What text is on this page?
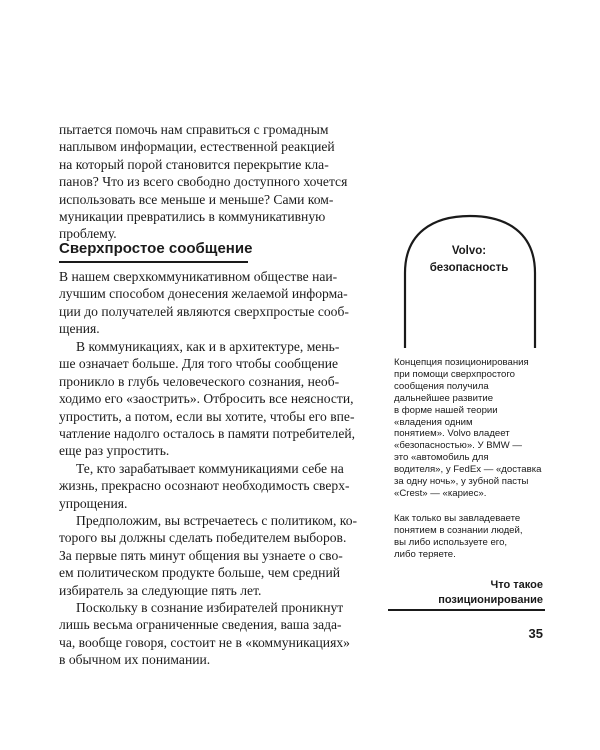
пытается помочь нам справиться с громадным
наплывом информации, естественной реакцией
на который порой становится перекрытие кла-
панов? Что из всего свободно доступного хочется
использовать все меньше и меньше? Сами ком-
муникации превратились в коммуникативную
проблему.
Сверхпростое сообщение
В нашем сверхкоммуникативном обществе наи-
лучшим способом донесения желаемой информа-
ции до получателей являются сверхпростые сооб-
щения.
В коммуникациях, как и в архитектуре, мень-
ше означает больше. Для того чтобы сообщение
проникло в глубь человеческого сознания, необ-
ходимо его «заострить». Отбросить все неясности,
упростить, а потом, если вы хотите, чтобы его впе-
чатление надолго осталось в памяти потребителей,
еще раз упростить.
Те, кто зарабатывает коммуникациями себе на
жизнь, прекрасно осознают необходимость сверх-
упрощения.
Предположим, вы встречаетесь с политиком, ко-
торого вы должны сделать победителем выборов.
За первые пять минут общения вы узнаете о сво-
ем политическом продукте больше, чем средний
избиратель за следующие пять лет.
Поскольку в сознание избирателей проникнут
лишь весьма ограниченные сведения, ваша зада-
ча, вообще говоря, состоит не в «коммуникациях»
в обычном их понимании.
Volvo:
безопасность
Концепция позиционирования
при помощи сверхпростого
сообщения получила
дальнейшее развитие
в форме нашей теории
«владения одним
понятием». Volvo владеет
«безопасностью». У BMW —
это «автомобиль для
водителя», у FedEx — «доставка
за одну ночь», у зубной пасты
«Crest» — «кариес».
Как только вы завладеваете
понятием в сознании людей,
вы либо используете его,
либо теряете.
Что такое
позиционирование
35
